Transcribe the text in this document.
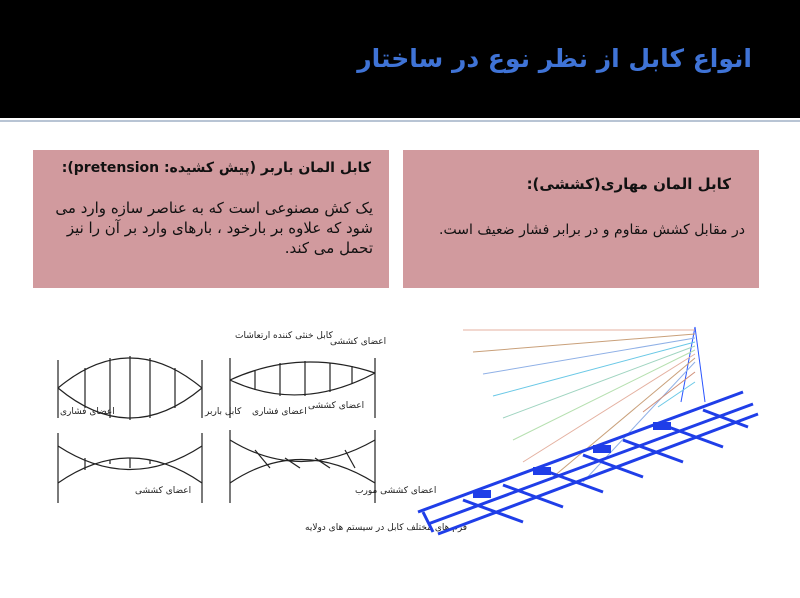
انواع کابل از نظر نوع در ساختار
کابل المان باربر (پیش کشیده: pretension):
یک کش مصنوعی است که به عناصر سازه وارد می شود که علاوه بر بارخود ، بارهای وارد بر آن را نیز تحمل می کند.
کابل المان مهاری(کششی):
در مقابل کشش مقاوم و در برابر فشار ضعیف است.
کابل خنثی کننده ارتعاشات
اعضای کششی
اعضای فشاری	کابل باربر اعضای فشاری
اعضای کششی
اعضای کششی	اعضای کششی مورب
فرم های مختلف کابل در سیستم های دولایه
